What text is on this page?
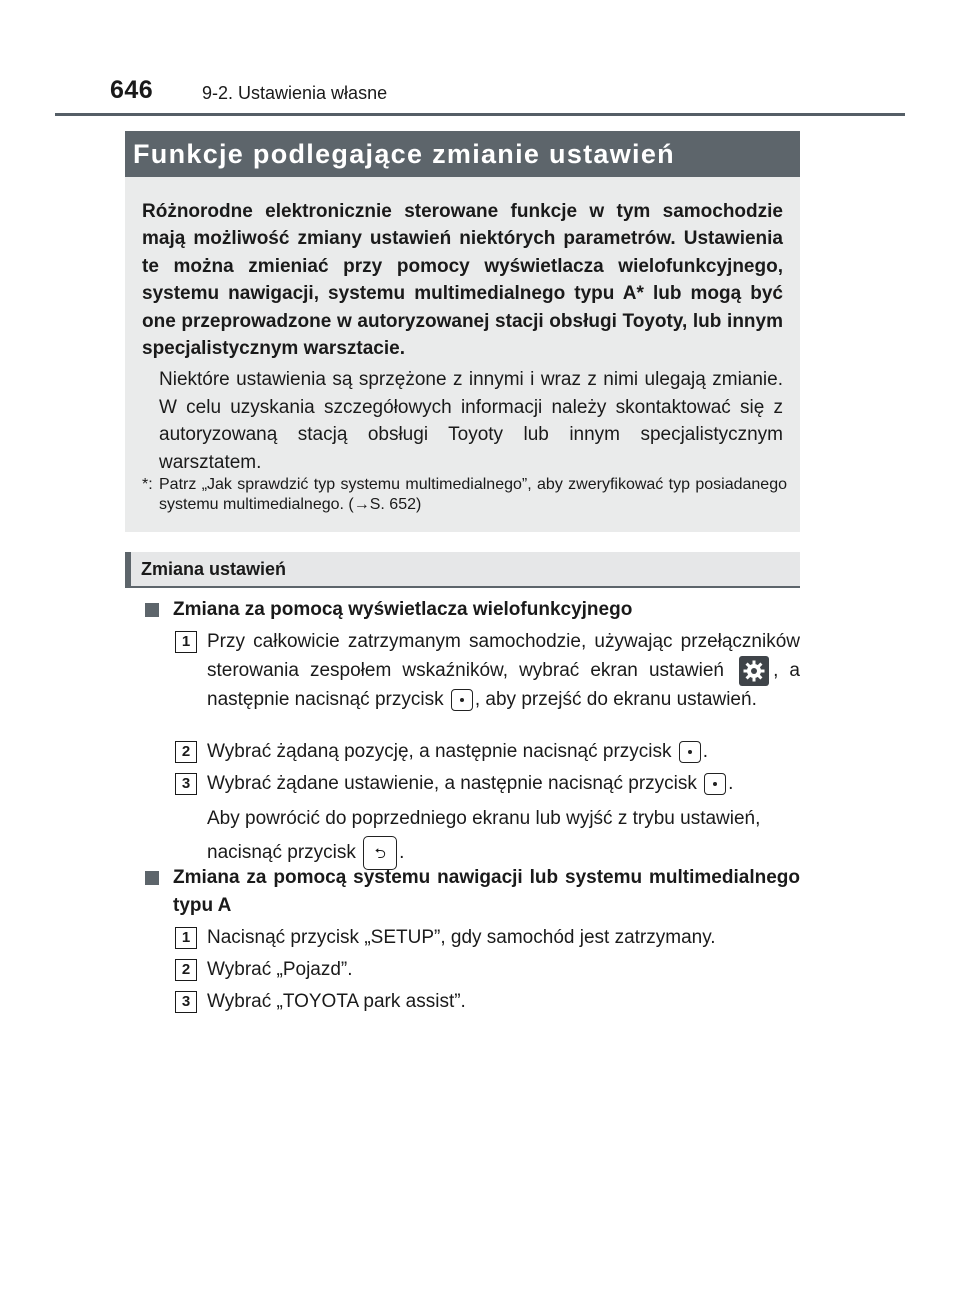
646	9-2. Ustawienia własne
Funkcje podlegające zmianie ustawień
Różnorodne elektronicznie sterowane funkcje w tym samochodzie mają możliwość zmiany ustawień niektórych parametrów. Ustawienia te można zmieniać przy pomocy wyświetlacza wielofunkcyjnego, systemu nawigacji, systemu multimedialnego typu A* lub mogą być one przeprowadzone w autoryzowanej stacji obsługi Toyoty, lub innym specjalistycznym warsztacie.
Niektóre ustawienia są sprzężone z innymi i wraz z nimi ulegają zmianie. W celu uzyskania szczegółowych informacji należy skontaktować się z autoryzowaną stacją obsługi Toyoty lub innym specjalistycznym warsztatem.
*: Patrz „Jak sprawdzić typ systemu multimedialnego”, aby zweryfikować typ posiadanego systemu multimedialnego. (→S. 652)
Zmiana ustawień
Zmiana za pomocą wyświetlacza wielofunkcyjnego
1 Przy całkowicie zatrzymanym samochodzie, używając przełączników sterowania zespołem wskaźników, wybrać ekran ustawień	, a następnie nacisnąć przycisk , aby przejść do ekranu ustawień.
2 Wybrać żądaną pozycję, a następnie nacisnąć przycisk .
3 Wybrać żądane ustawienie, a następnie nacisnąć przycisk .
Aby powrócić do poprzedniego ekranu lub wyjść z trybu ustawień, nacisnąć przycisk ⮌ .
Zmiana za pomocą systemu nawigacji lub systemu multimedialnego typu A
1 Nacisnąć przycisk „SETUP”, gdy samochód jest zatrzymany.
2 Wybrać „Pojazd”.
3 Wybrać „TOYOTA park assist”.
